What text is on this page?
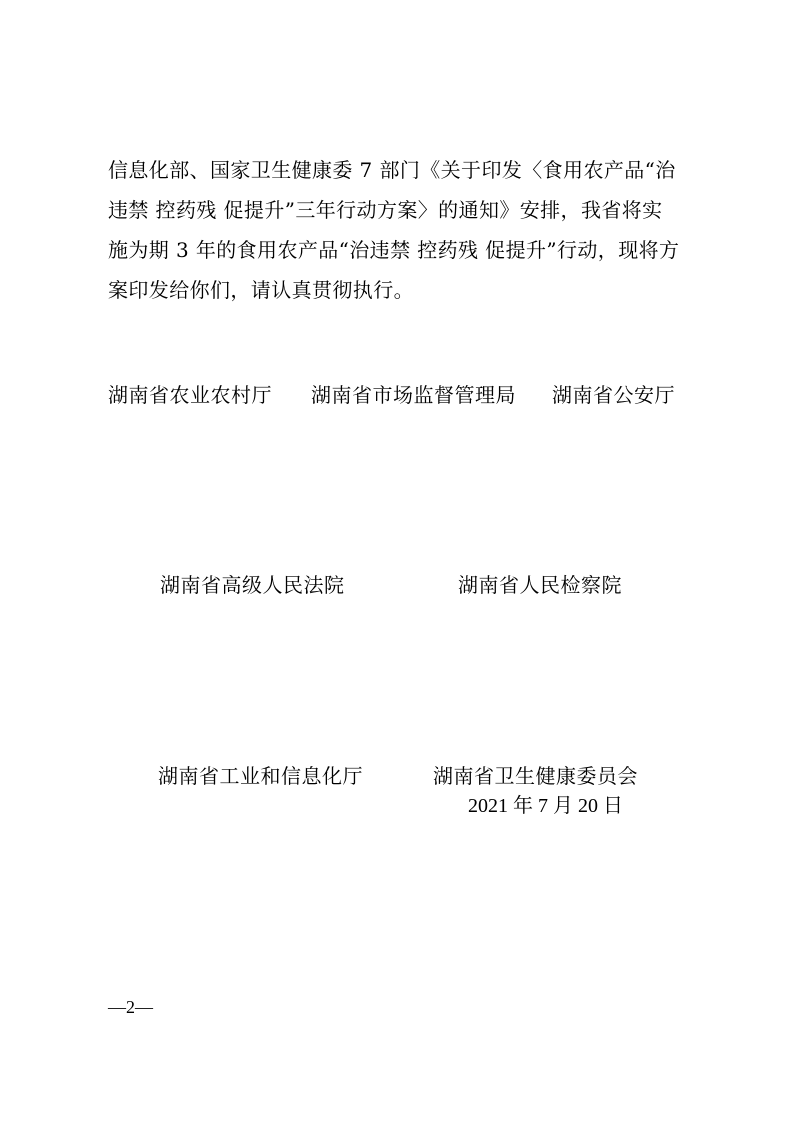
信息化部、国家卫生健康委 7 部门《关于印发〈食用农产品“治
违禁 控药残 促提升”三年行动方案〉的通知》安排，我省将实
施为期 3 年的食用农产品“治违禁 控药残 促提升”行动，现将方
案印发给你们，请认真贯彻执行。
湖南省农业农村厅 湖南省市场监督管理局 湖南省公安厅
湖南省高级人民法院	湖南省人民检察院
湖南省工业和信息化厅	湖南省卫生健康委员会
2021 年 7 月 20 日
—2—
